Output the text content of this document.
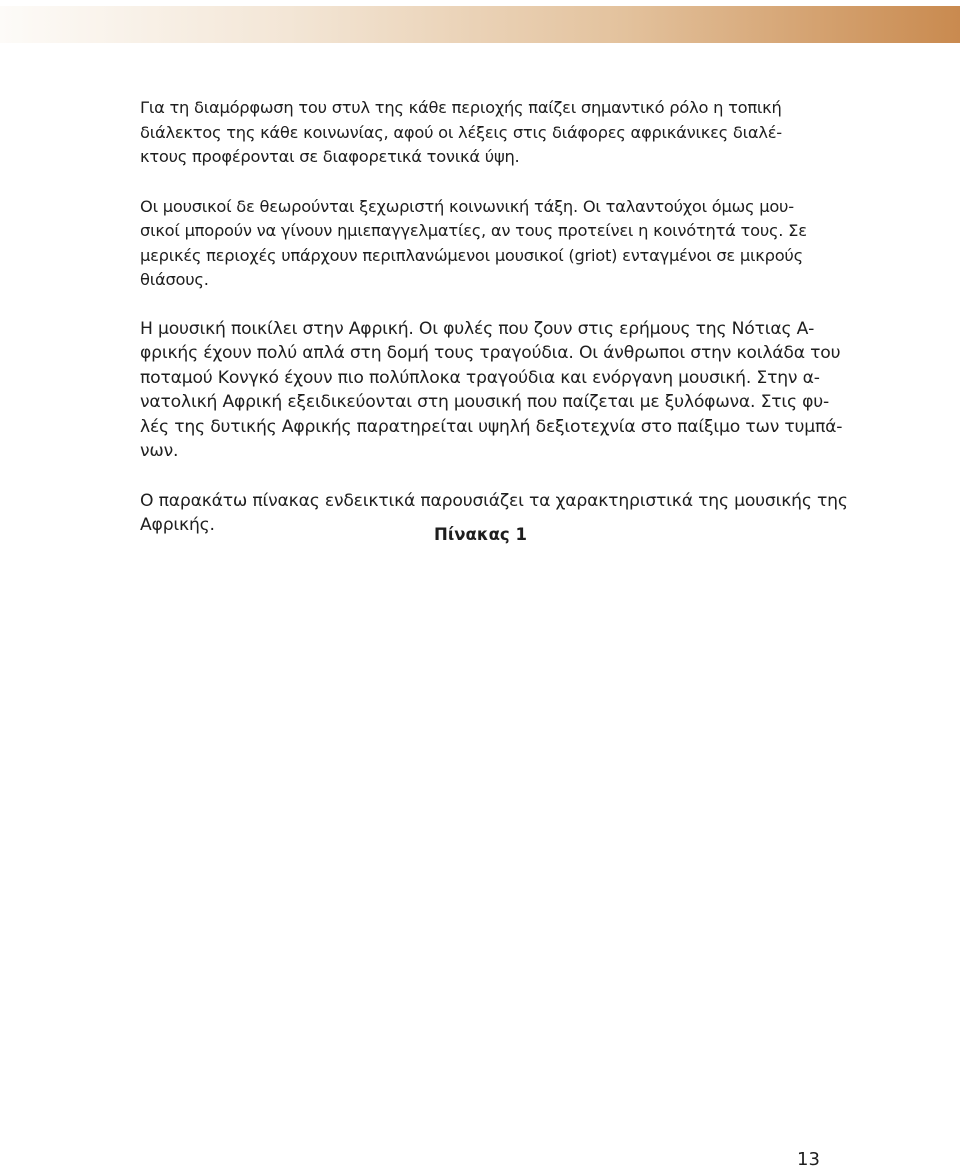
Για τη διαμόρφωση του στυλ της κάθε περιοχής παίζει σημαντικό ρόλο η τοπική
διάλεκτος της κάθε κοινωνίας, αφού οι λέξεις στις διάφορες αφρικάνικες διαλέ-
κτους προφέρονται σε διαφορετικά τονικά ύψη.

Οι μουσικοί δε θεωρούνται ξεχωριστή κοινωνική τάξη. Οι ταλαντούχοι όμως μου-
σικοί μπορούν να γίνουν ημιεπαγγελματίες, αν τους προτείνει η κοινότητά τους. Σε
μερικές περιοχές υπάρχουν περιπλανώμενοι μουσικοί (griot) ενταγμένοι σε μικρούς
θιάσους.

Η μουσική ποικίλει στην Αφρική. Οι φυλές που ζουν στις ερήμους της Νότιας Α-
φρικής έχουν πολύ απλά στη δομή τους τραγούδια. Οι άνθρωποι στην κοιλάδα του
ποταμού Κονγκό έχουν πιο πολύπλοκα τραγούδια και ενόργανη μουσική. Στην α-
νατολική Αφρική εξειδικεύονται στη μουσική που παίζεται με ξυλόφωνα. Στις φυ-
λές της δυτικής Αφρικής παρατηρείται υψηλή δεξιοτεχνία στο παίξιμο των τυμπά-
νων.

Ο παρακάτω πίνακας ενδεικτικά παρουσιάζει τα χαρακτηριστικά της μουσικής της
Αφρικής.	Πίνακας 1
13
